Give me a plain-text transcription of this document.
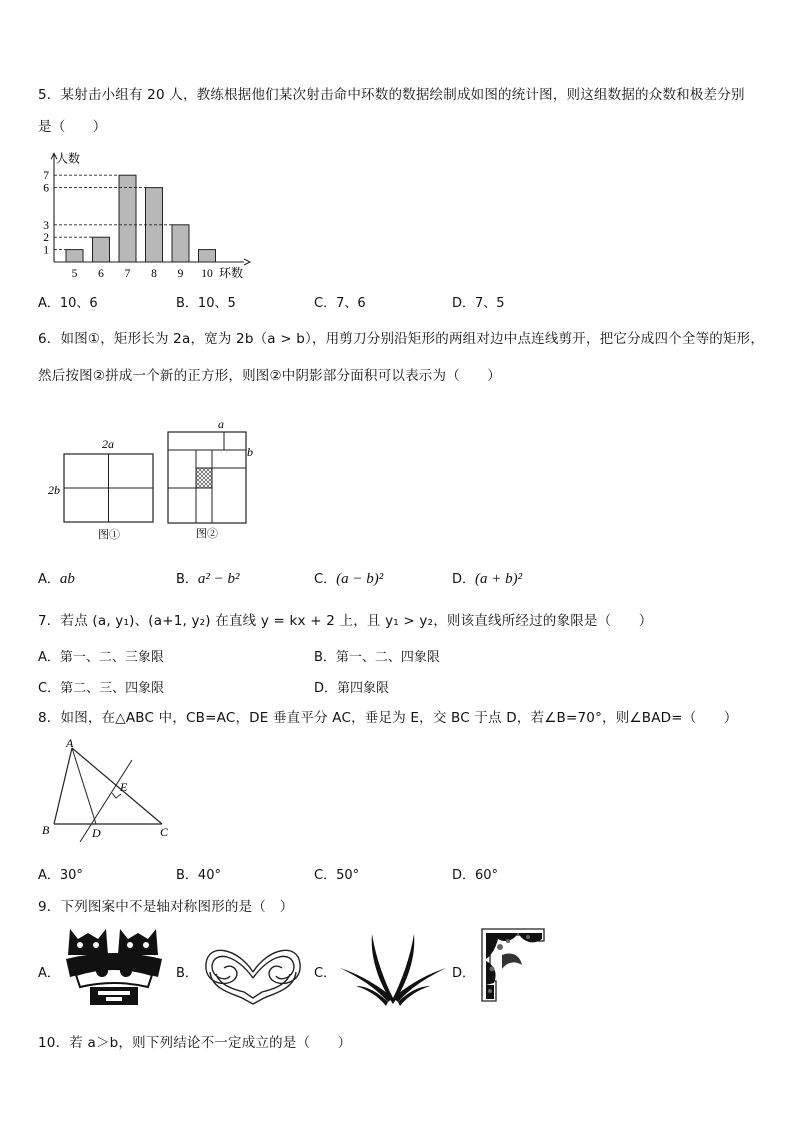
5．某射击小组有 20 人，教练根据他们某次射击命中环数的数据绘制成如图的统计图，则这组数据的众数和极差分别
是（　　）
人数
5 6 7 8 9 10 环数
1
2
3
6
7
A．10、6	B．10、5	C．7、6	D．7、5
6．如图①，矩形长为 2a，宽为 2b（a > b），用剪刀分别沿矩形的两组对边中点连线剪开，把它分成四个全等的矩形，
然后按图②拼成一个新的正方形，则图②中阴影部分面积可以表示为（　　）
2a
2b
图①
a
b
图②
A．ab	B．a² − b²	C．(a − b)²	D．(a + b)²
7．若点 (a, y₁)、(a+1, y₂) 在直线 y = kx + 2 上，且 y₁ > y₂，则该直线所经过的象限是（　　）
A．第一、二、三象限	B．第一、二、四象限
C．第二、三、四象限	D．第四象限
8．如图，在△ABC 中，CB=AC，DE 垂直平分 AC，垂足为 E，交 BC 于点 D，若∠B=70°，则∠BAD=（　　）
A
B	C
D
E
A．30°	B．40°	C．50°	D．60°
9．下列图案中不是轴对称图形的是（　）
A．	B．	C．	D．
10．若 a＞b，则下列结论不一定成立的是（　　）
